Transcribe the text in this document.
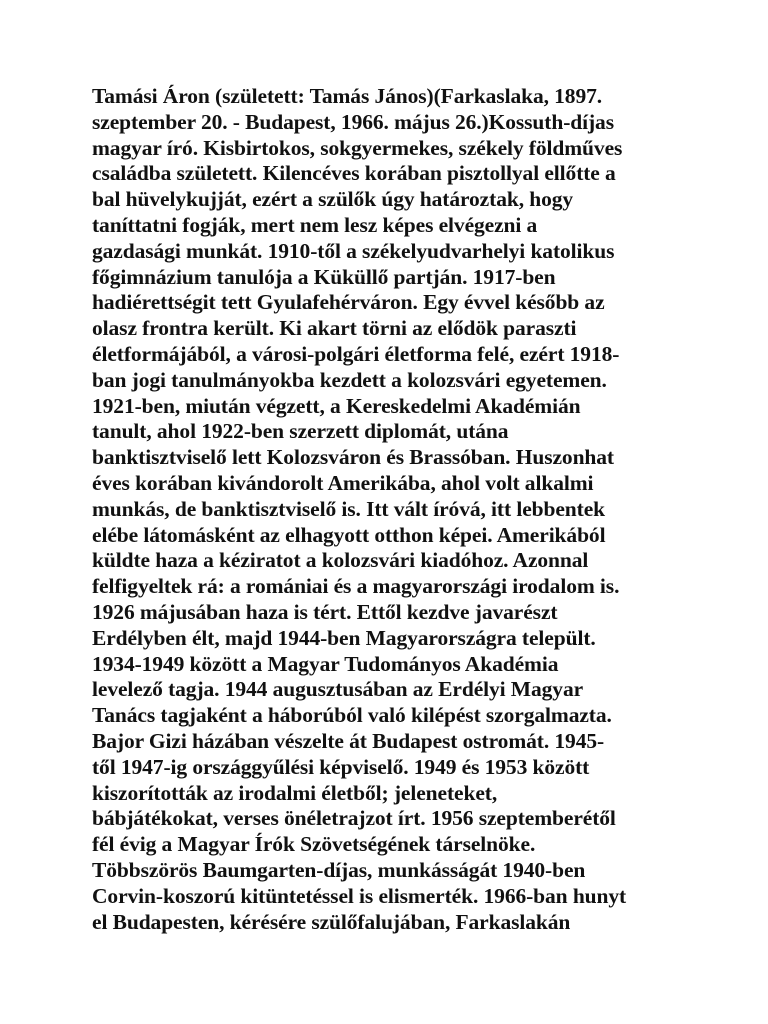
Tamási Áron (született: Tamás János)(Farkaslaka, 1897.
szeptember 20. - Budapest, 1966. május 26.)Kossuth-díjas
magyar író. Kisbirtokos, sokgyermekes, székely földműves
családba született. Kilencéves korában pisztollyal ellőtte a
bal hüvelykujját, ezért a szülők úgy határoztak, hogy
taníttatni fogják, mert nem lesz képes elvégezni a
gazdasági munkát. 1910-től a székelyudvarhelyi katolikus
főgimnázium tanulója a Küküllő partján. 1917-ben
hadiérettségit tett Gyulafehérváron. Egy évvel később az
olasz frontra került. Ki akart törni az elődök paraszti
életformájából, a városi-polgári életforma felé, ezért 1918-
ban jogi tanulmányokba kezdett a kolozsvári egyetemen.
1921-ben, miután végzett, a Kereskedelmi Akadémián
tanult, ahol 1922-ben szerzett diplomát, utána
banktisztviselő lett Kolozsváron és Brassóban. Huszonhat
éves korában kivándorolt Amerikába, ahol volt alkalmi
munkás, de banktisztviselő is. Itt vált íróvá, itt lebbentek
elébe látomásként az elhagyott otthon képei. Amerikából
küldte haza a kéziratot a kolozsvári kiadóhoz. Azonnal
felfigyeltek rá: a romániai és a magyarországi irodalom is.
1926 májusában haza is tért. Ettől kezdve javarészt
Erdélyben élt, majd 1944-ben Magyarországra települt.
1934-1949 között a Magyar Tudományos Akadémia
levelező tagja. 1944 augusztusában az Erdélyi Magyar
Tanács tagjaként a háborúból való kilépést szorgalmazta.
Bajor Gizi házában vészelte át Budapest ostromát. 1945-
től 1947-ig országgyűlési képviselő. 1949 és 1953 között
kiszorították az irodalmi életből; jeleneteket,
bábjátékokat, verses önéletrajzot írt. 1956 szeptemberétől
fél évig a Magyar Írók Szövetségének társelnöke.
Többszörös Baumgarten-díjas, munkásságát 1940-ben
Corvin-koszorú kitüntetéssel is elismerték. 1966-ban hunyt
el Budapesten, kérésére szülőfalujában, Farkaslakán
